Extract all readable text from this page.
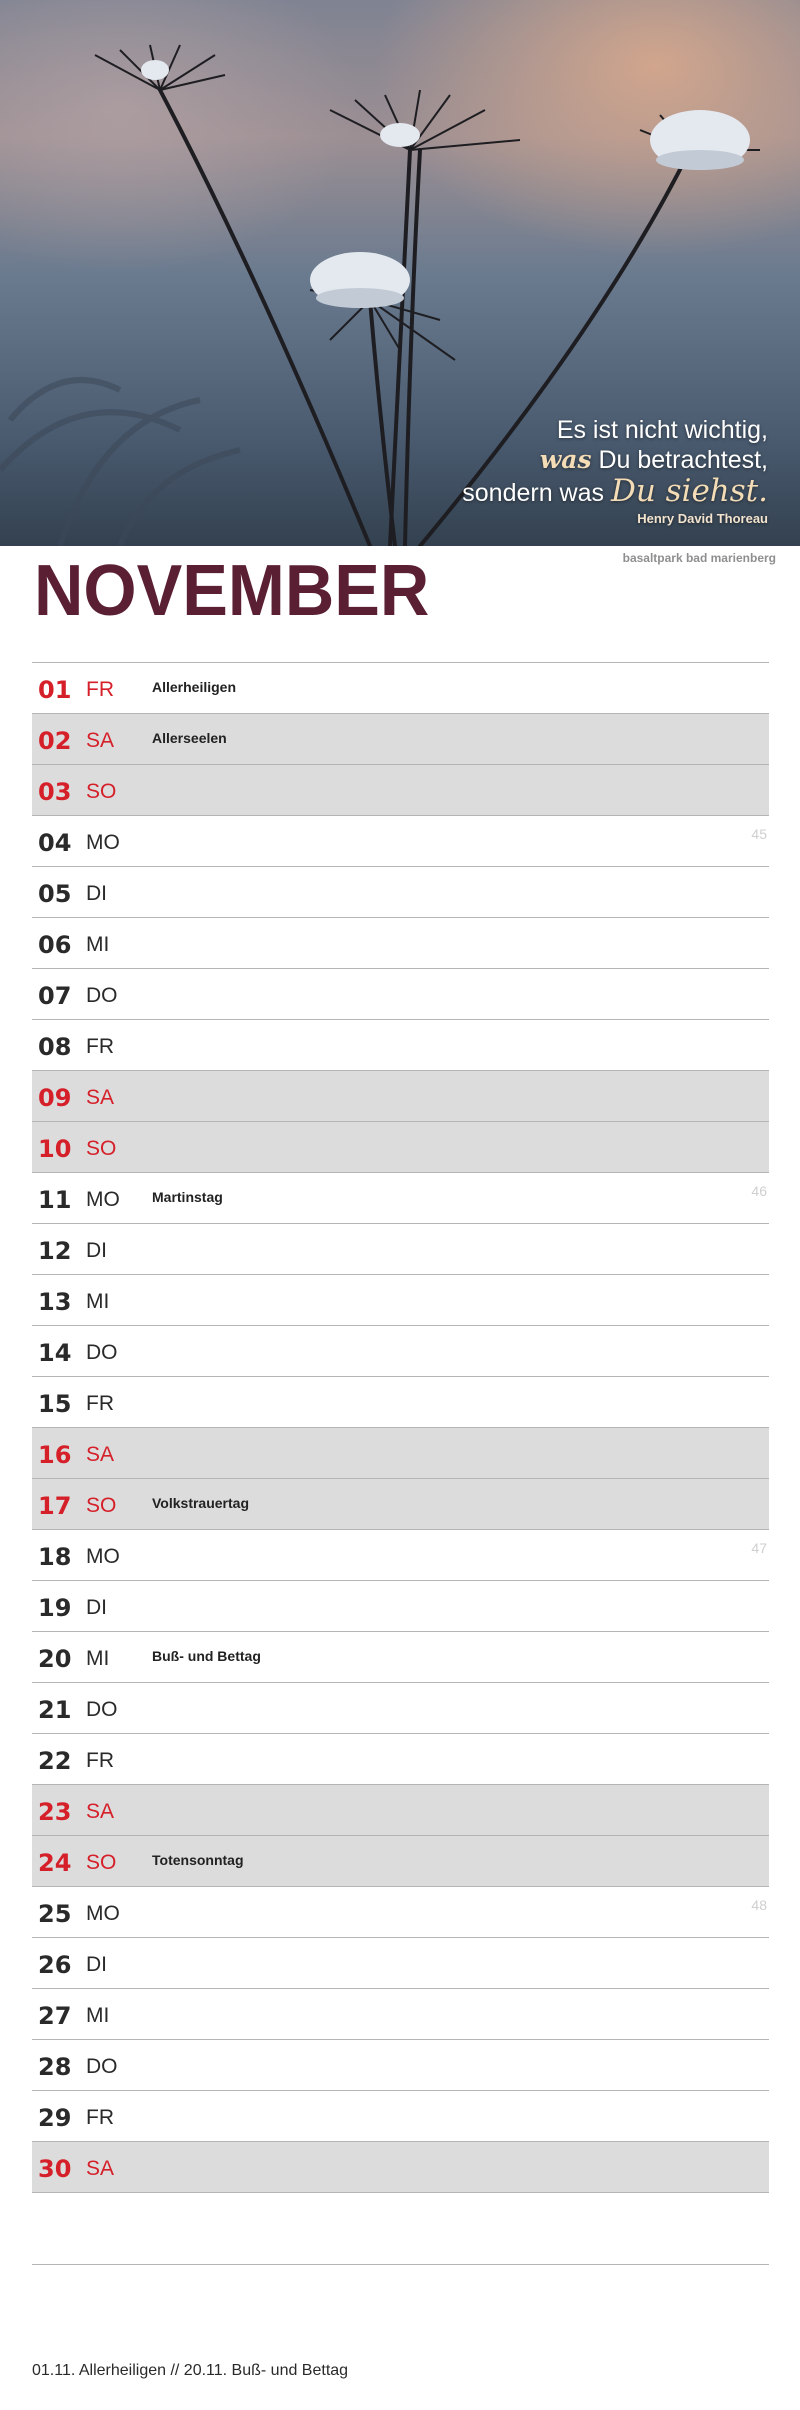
Es ist nicht wichtig,
was Du betrachtest,
sondern was Du siehst.
Henry David Thoreau
basaltpark bad marienberg
NOVEMBER
01 FR	Allerheiligen
02 SA	Allerseelen
03 SO
04 MO	45
05 DI
06 MI
07 DO
08 FR
09 SA
10 SO
11 MO Martinstag	46
12 DI
13 MI
14 DO
15 FR
16 SA
17 SO	Volkstrauertag
18 MO	47
19 DI
20 MI	Buß- und Bettag
21 DO
22 FR
23 SA
24 SO	Totensonntag
25 MO	48
26 DI
27 MI
28 DO
29 FR
30 SA
01.11. Allerheiligen // 20.11. Buß- und Bettag
